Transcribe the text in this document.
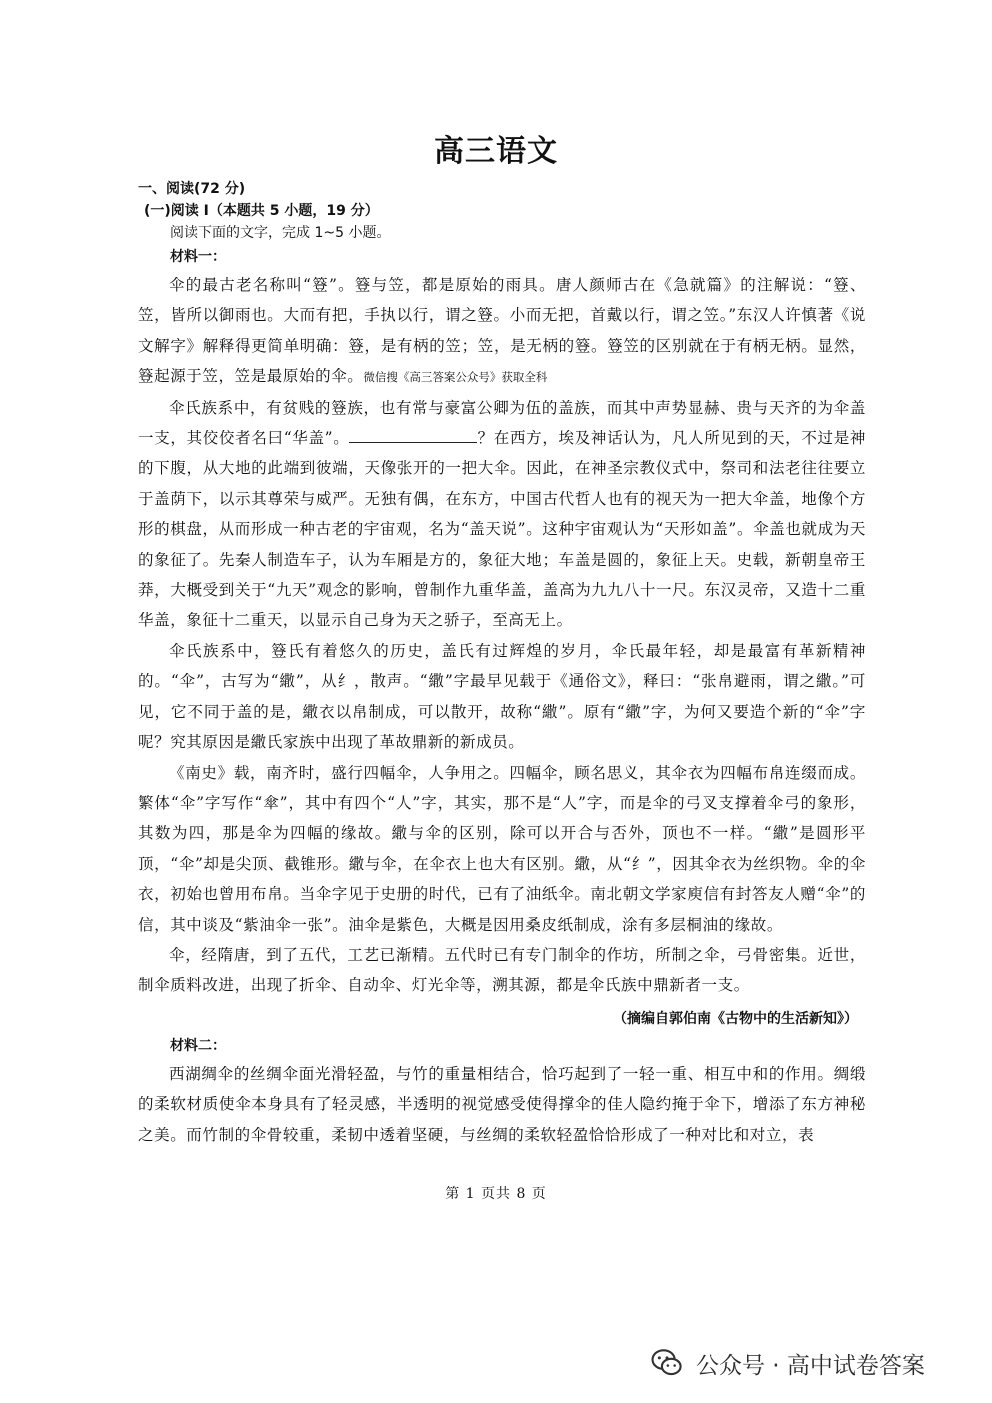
高三语文
一、阅读(72 分)
(一)阅读 I（本题共 5 小题，19 分）
阅读下面的文字，完成 1~5 小题。
材料一：

伞的最古老名称叫“簦”。簦与笠，都是原始的雨具。唐人颜师古在《急就篇》的注解说：“簦、笠，皆所以御雨也。大而有把，手执以行，谓之簦。小而无把，首戴以行，谓之笠。”东汉人许慎著《说文解字》解释得更简单明确：簦，是有柄的笠；笠，是无柄的簦。簦笠的区别就在于有柄无柄。显然，簦起源于笠，笠是最原始的伞。微信搜《高三答案公众号》获取全科

伞氏族系中，有贫贱的簦族，也有常与豪富公卿为伍的盖族，而其中声势显赫、贵与天齐的为伞盖一支，其佼佼者名曰“华盖”。	？在西方，埃及神话认为，凡人所见到的天，不过是神的下腹，从大地的此端到彼端，天像张开的一把大伞。因此，在神圣宗教仪式中，祭司和法老往往要立于盖荫下，以示其尊荣与威严。无独有偶，在东方，中国古代哲人也有的视天为一把大伞盖，地像个方形的棋盘，从而形成一种古老的宇宙观，名为“盖天说”。这种宇宙观认为“天形如盖”。伞盖也就成为天的象征了。先秦人制造车子，认为车厢是方的，象征大地；车盖是圆的，象征上天。史载，新朝皇帝王莽，大概受到关于“九天”观念的影响，曾制作九重华盖，盖高为九九八十一尺。东汉灵帝，又造十二重华盖，象征十二重天，以显示自己身为天之骄子，至高无上。

伞氏族系中，簦氏有着悠久的历史，盖氏有过辉煌的岁月，伞氏最年轻，却是最富有革新精神的。“伞”，古写为“繖”，从纟，散声。“繖”字最早见载于《通俗文》，释曰：“张帛避雨，谓之繖。”可见，它不同于盖的是，繖衣以帛制成，可以散开，故称“繖”。原有“繖”字，为何又要造个新的“伞”字呢？究其原因是繖氏家族中出现了革故鼎新的新成员。

《南史》载，南齐时，盛行四幅伞，人争用之。四幅伞，顾名思义，其伞衣为四幅布帛连缀而成。繁体“伞”字写作“傘”，其中有四个“人”字，其实，那不是“人”字，而是伞的弓叉支撑着伞弓的象形，其数为四，那是伞为四幅的缘故。繖与伞的区别，除可以开合与否外，顶也不一样。“繖”是圆形平顶，“伞”却是尖顶、截锥形。繖与伞，在伞衣上也大有区别。繖，从“纟”，因其伞衣为丝织物。伞的伞衣，初始也曾用布帛。当伞字见于史册的时代，已有了油纸伞。南北朝文学家庾信有封答友人赠“伞”的信，其中谈及“紫油伞一张”。油伞是紫色，大概是因用桑皮纸制成，涂有多层桐油的缘故。

伞，经隋唐，到了五代，工艺已渐精。五代时已有专门制伞的作坊，所制之伞，弓骨密集。近世，制伞质料改进，出现了折伞、自动伞、灯光伞等，溯其源，都是伞氏族中鼎新者一支。

（摘编自郭伯南《古物中的生活新知》）
材料二：

西湖绸伞的丝绸伞面光滑轻盈，与竹的重量相结合，恰巧起到了一轻一重、相互中和的作用。绸缎的柔软材质使伞本身具有了轻灵感，半透明的视觉感受使得撑伞的佳人隐约掩于伞下，增添了东方神秘之美。而竹制的伞骨较重，柔韧中透着坚硬，与丝绸的柔软轻盈恰恰形成了一种对比和对立，表

第 1 页共 8 页
公众号 · 高中试卷答案
